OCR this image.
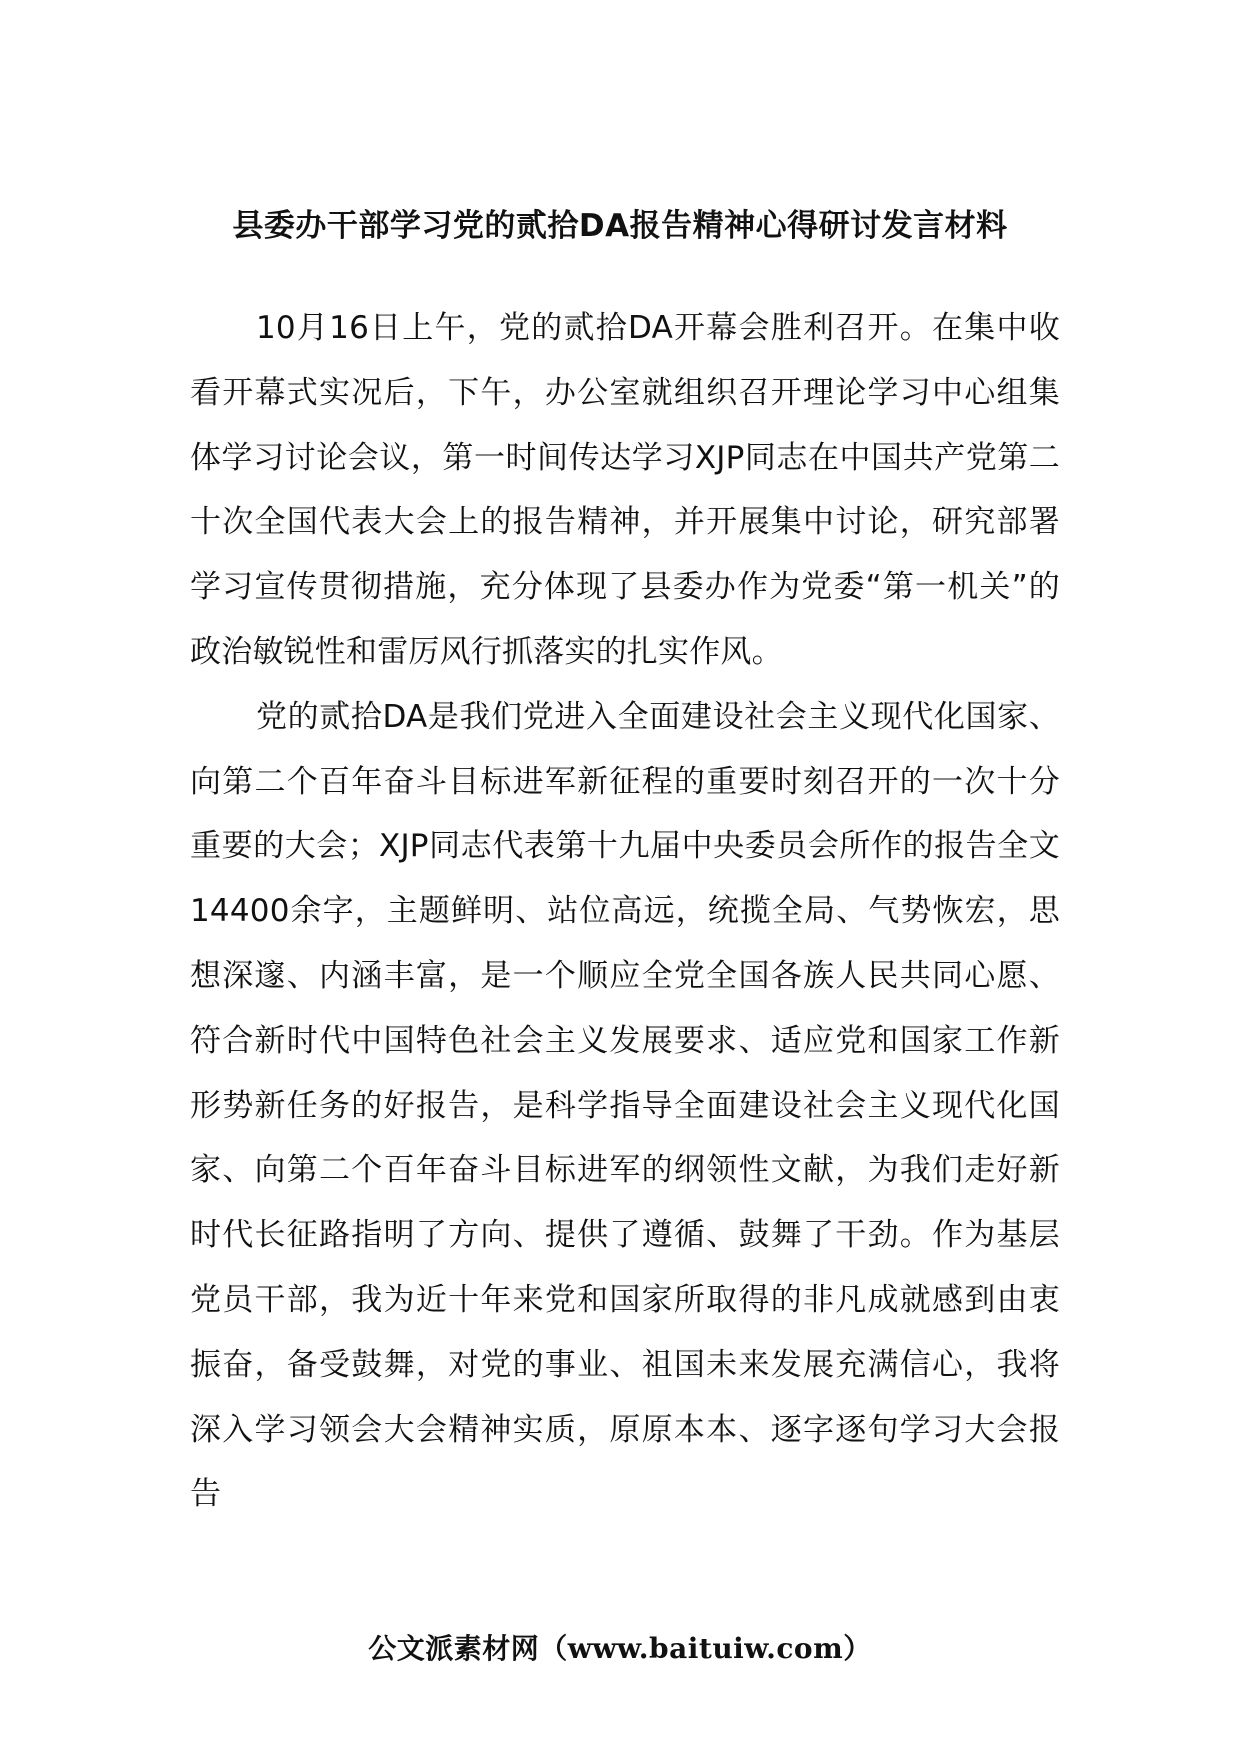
县委办干部学习党的贰拾DA报告精神心得研讨发言材料

10月16日上午，党的贰拾DA开幕会胜利召开。在集中收看开幕式实况后，下午，办公室就组织召开理论学习中心组集体学习讨论会议，第一时间传达学习XJP同志在中国共产党第二十次全国代表大会上的报告精神，并开展集中讨论，研究部署学习宣传贯彻措施，充分体现了县委办作为党委“第一机关”的政治敏锐性和雷厉风行抓落实的扎实作风。

党的贰拾DA是我们党进入全面建设社会主义现代化国家、向第二个百年奋斗目标进军新征程的重要时刻召开的一次十分重要的大会；XJP同志代表第十九届中央委员会所作的报告全文14400余字，主题鲜明、站位高远，统揽全局、气势恢宏，思想深邃、内涵丰富，是一个顺应全党全国各族人民共同心愿、符合新时代中国特色社会主义发展要求、适应党和国家工作新形势新任务的好报告，是科学指导全面建设社会主义现代化国家、向第二个百年奋斗目标进军的纲领性文献，为我们走好新时代长征路指明了方向、提供了遵循、鼓舞了干劲。作为基层党员干部，我为近十年来党和国家所取得的非凡成就感到由衷振奋，备受鼓舞，对党的事业、祖国未来发展充满信心，我将深入学习领会大会精神实质，原原本本、逐字逐句学习大会报告

公文派素材网（www.baituiw.com）
